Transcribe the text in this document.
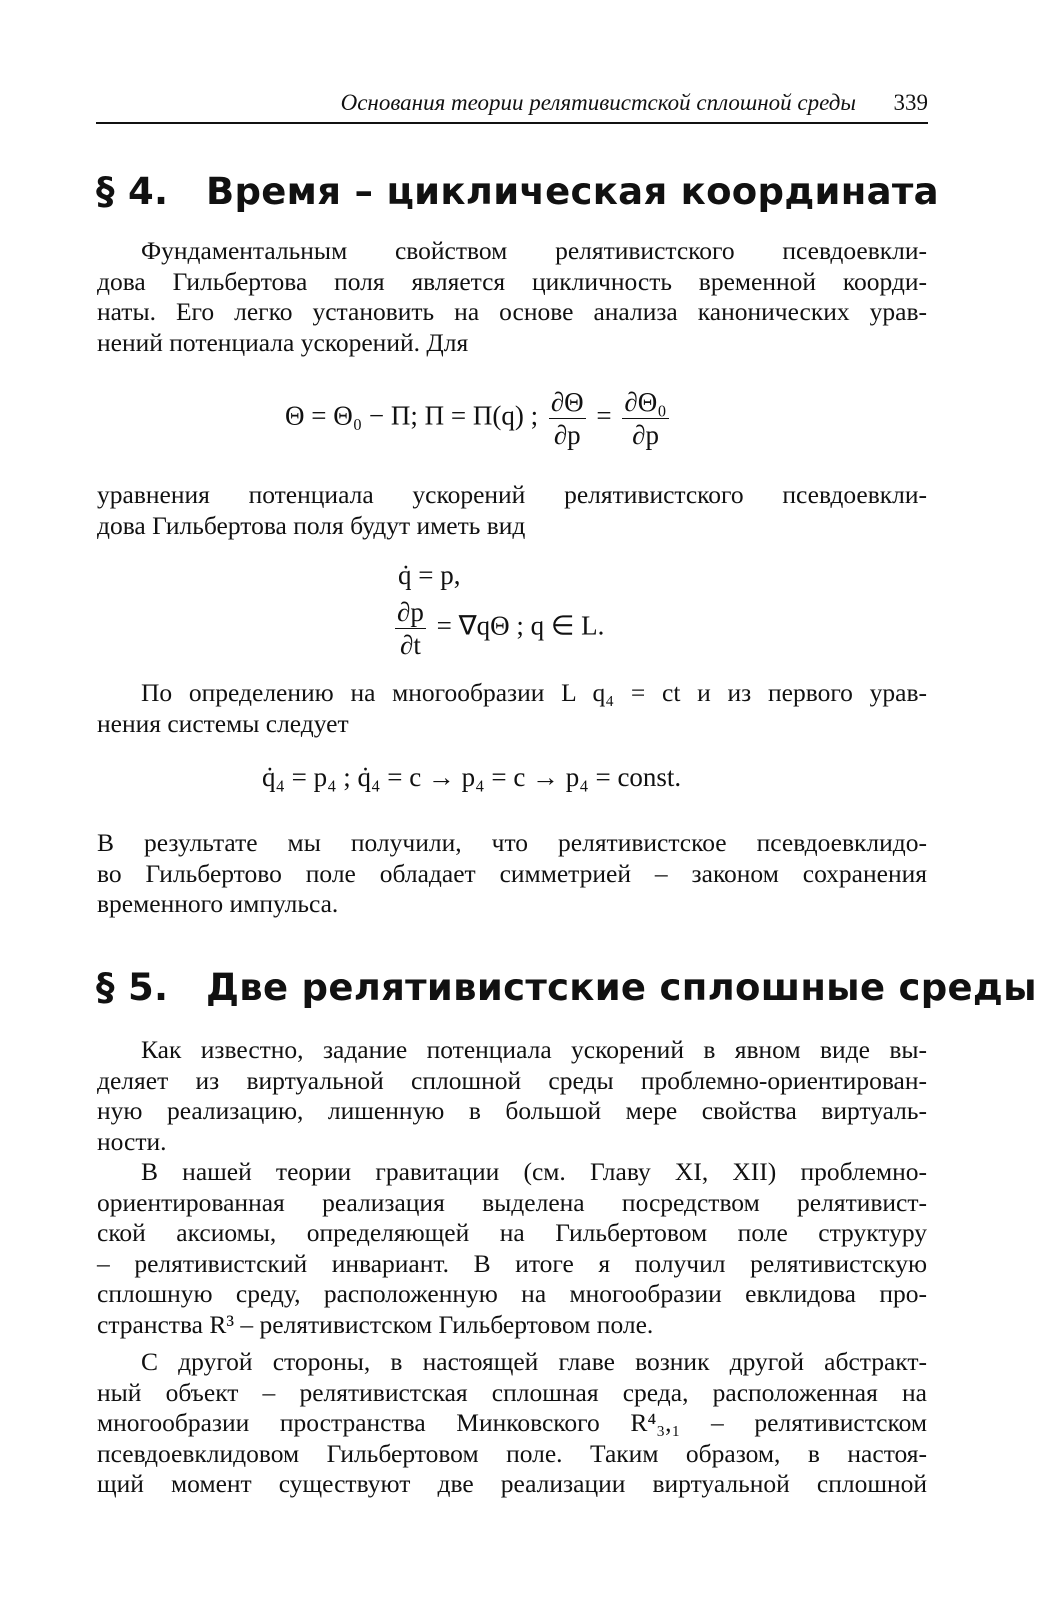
Основания теории релятивистской сплошной среды 339
§ 4. Время – циклическая координата
Фундаментальным свойством релятивистского псевдоевкли-
дова Гильбертова поля является цикличность временной коорди-
наты. Его легко установить на основе анализа канонических урав-
нений потенциала ускорений. Для
Θ = Θ₀ − Π; Π = Π(q) ; $\frac{\partial\Theta}{\partial p} = \frac{\text{∂Θ₀}}{\partial p}$
уравнения потенциала ускорений релятивистского псевдоевкли-
дова Гильбертова поля будут иметь вид
q̇ = p,
$\frac{\partial p}{\partial t} = \nabla q\Theta$ ; q ∈ L.
По определению на многообразии L q₄ = ct и из первого урав-
нения системы следует
q̇₄ = p₄ ; q̇₄ = c → p₄ = c → p₄ = const.
В результате мы получили, что релятивистское псевдоевклидо-
во Гильбертово поле обладает симметрией – законом сохранения
временного импульса.
§ 5. Две релятивистские сплошные среды
Как известно, задание потенциала ускорений в явном виде вы-
деляет из виртуальной сплошной среды проблемно-ориентирован-
ную реализацию, лишенную в большой мере свойства виртуаль-
ности.
В нашей теории гравитации (см. Главу XI, XII) проблемно-
ориентированная реализация выделена посредством релятивист-
ской аксиомы, определяющей на Гильбертовом поле структуру
– релятивистский инвариант. В итоге я получил релятивистскую
сплошную среду, расположенную на многообразии евклидова про-
странства R³ – релятивистском Гильбертовом поле.
С другой стороны, в настоящей главе возник другой абстракт-
ный объект – релятивистская сплошная среда, расположенная на
многообразии пространства Минковского R⁴₃,₁ – релятивистском
псевдоевклидовом Гильбертовом поле. Таким образом, в настоя-
щий момент существуют две реализации виртуальной сплошной
